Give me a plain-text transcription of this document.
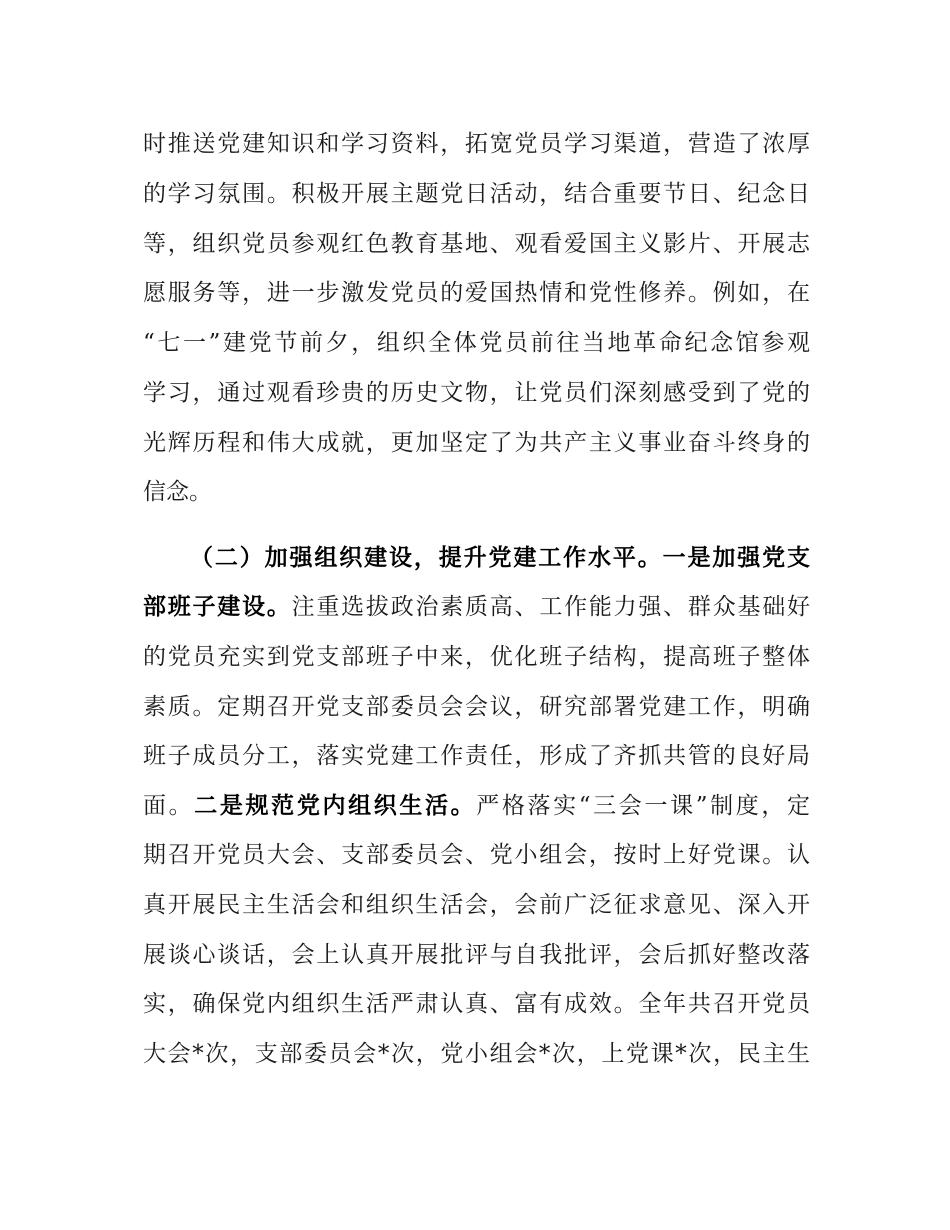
时推送党建知识和学习资料，拓宽党员学习渠道，营造了浓厚
的学习氛围。积极开展主题党日活动，结合重要节日、纪念日
等，组织党员参观红色教育基地、观看爱国主义影片、开展志
愿服务等，进一步激发党员的爱国热情和党性修养。例如，在
“七一”建党节前夕，组织全体党员前往当地革命纪念馆参观
学习，通过观看珍贵的历史文物，让党员们深刻感受到了党的
光辉历程和伟大成就，更加坚定了为共产主义事业奋斗终身的
信念。
（二）加强组织建设，提升党建工作水平。一是加强党支
部班子建设。注重选拔政治素质高、工作能力强、群众基础好
的党员充实到党支部班子中来，优化班子结构，提高班子整体
素质。定期召开党支部委员会会议，研究部署党建工作，明确
班子成员分工，落实党建工作责任，形成了齐抓共管的良好局
面。二是规范党内组织生活。严格落实“三会一课”制度，定
期召开党员大会、支部委员会、党小组会，按时上好党课。认
真开展民主生活会和组织生活会，会前广泛征求意见、深入开
展谈心谈话，会上认真开展批评与自我批评，会后抓好整改落
实，确保党内组织生活严肃认真、富有成效。全年共召开党员
大会*次，支部委员会*次，党小组会*次，上党课*次，民主生
